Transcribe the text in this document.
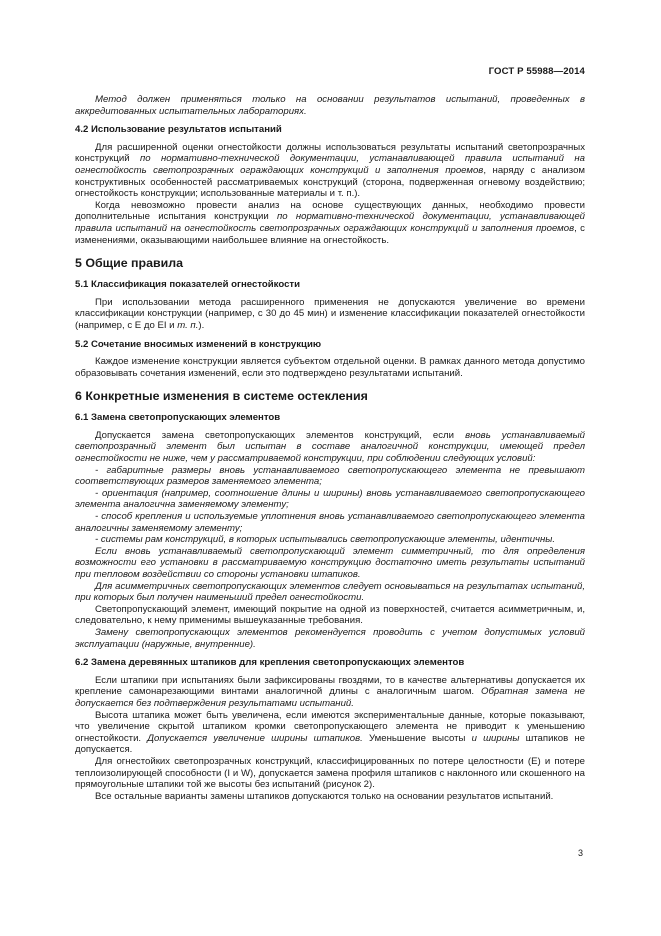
ГОСТ Р 55988—2014

Метод должен применяться только на основании результатов испытаний, проведенных в аккредитованных испытательных лабораториях.

4.2 Использование результатов испытаний

Для расширенной оценки огнестойкости должны использоваться результаты испытаний светопрозрачных конструкций по нормативно-технической документации, устанавливающей правила испытаний на огнестойкость светопрозрачных ограждающих конструкций и заполнения проемов, наряду с анализом конструктивных особенностей рассматриваемых конструкций (сторона, подверженная огневому воздействию; огнестойкость конструкции; использованные материалы и т. п.).

Когда невозможно провести анализ на основе существующих данных, необходимо провести дополнительные испытания конструкции по нормативно-технической документации, устанавливающей правила испытаний на огнестойкость светопрозрачных ограждающих конструкций и заполнения проемов, с изменениями, оказывающими наибольшее влияние на огнестойкость.

5 Общие правила
5.1 Классификация показателей огнестойкости

При использовании метода расширенного применения не допускаются увеличение во времени классификации конструкции (например, с 30 до 45 мин) и изменение классификации показателей огнестойкости (например, с E до EI и т. п.).

5.2 Сочетание вносимых изменений в конструкцию

Каждое изменение конструкции является субъектом отдельной оценки. В рамках данного метода допустимо образовывать сочетания изменений, если это подтверждено результатами испытаний.

6 Конкретные изменения в системе остекления
6.1 Замена светопропускающих элементов

Допускается замена светопропускающих элементов конструкций, если вновь устанавливаемый светопрозрачный элемент был испытан в составе аналогичной конструкции, имеющей предел огнестойкости не ниже, чем у рассматриваемой конструкции, при соблюдении следующих условий:

- габаритные размеры вновь устанавливаемого светопропускающего элемента не превышают соответствующих размеров заменяемого элемента;

- ориентация (например, соотношение длины и ширины) вновь устанавливаемого светопропускающего элемента аналогична заменяемому элементу;

- способ крепления и используемые уплотнения вновь устанавливаемого светопропускающего элемента аналогичны заменяемому элементу;

- системы рам конструкций, в которых испытывались светопропускающие элементы, идентичны.

Если вновь устанавливаемый светопропускающий элемент симметричный, то для определения возможности его установки в рассматриваемую конструкцию достаточно иметь результаты испытаний при тепловом воздействии со стороны установки штапиков.

Для асимметричных светопропускающих элементов следует основываться на результатах испытаний, при которых был получен наименьший предел огнестойкости.

Светопропускающий элемент, имеющий покрытие на одной из поверхностей, считается асимметричным, и, следовательно, к нему применимы вышеуказанные требования.

Замену светопропускающих элементов рекомендуется проводить с учетом допустимых условий эксплуатации (наружные, внутренние).

6.2 Замена деревянных штапиков для крепления светопропускающих элементов

Если штапики при испытаниях были зафиксированы гвоздями, то в качестве альтернативы допускается их крепление самонарезающими винтами аналогичной длины с аналогичным шагом. Обратная замена не допускается без подтверждения результатами испытаний.

Высота штапика может быть увеличена, если имеются экспериментальные данные, которые показывают, что увеличение скрытой штапиком кромки светопропускающего элемента не приводит к уменьшению огнестойкости. Допускается увеличение ширины штапиков. Уменьшение высоты и ширины штапиков не допускается.

Для огнестойких светопрозрачных конструкций, классифицированных по потере целостности (E) и потере теплоизолирующей способности (I и W), допускается замена профиля штапиков с наклонного или скошенного на прямоугольные штапики той же высоты без испытаний (рисунок 2).

Все остальные варианты замены штапиков допускаются только на основании результатов испытаний.

3
